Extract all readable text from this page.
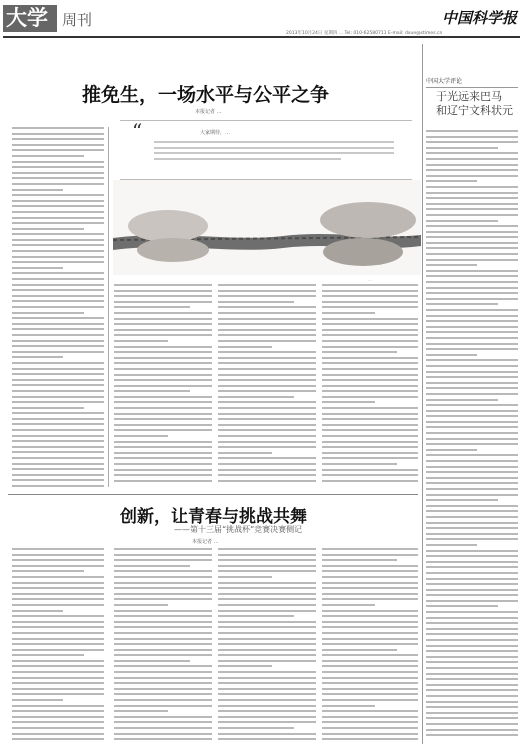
大学 周刊	中国科学报
2013年10月24日 星期四 ... Tel: 010-62580711 E-mail: dxue@stimes.cn
推免生，一场水平与公平之争
本报记者 …
“	大家期待，…
…
中国大学评论
于光远来巴马
和辽宁文科状元
创新，让青春与挑战共舞
——第十三届“挑战杯”竞赛决赛侧记
本报记者 …
